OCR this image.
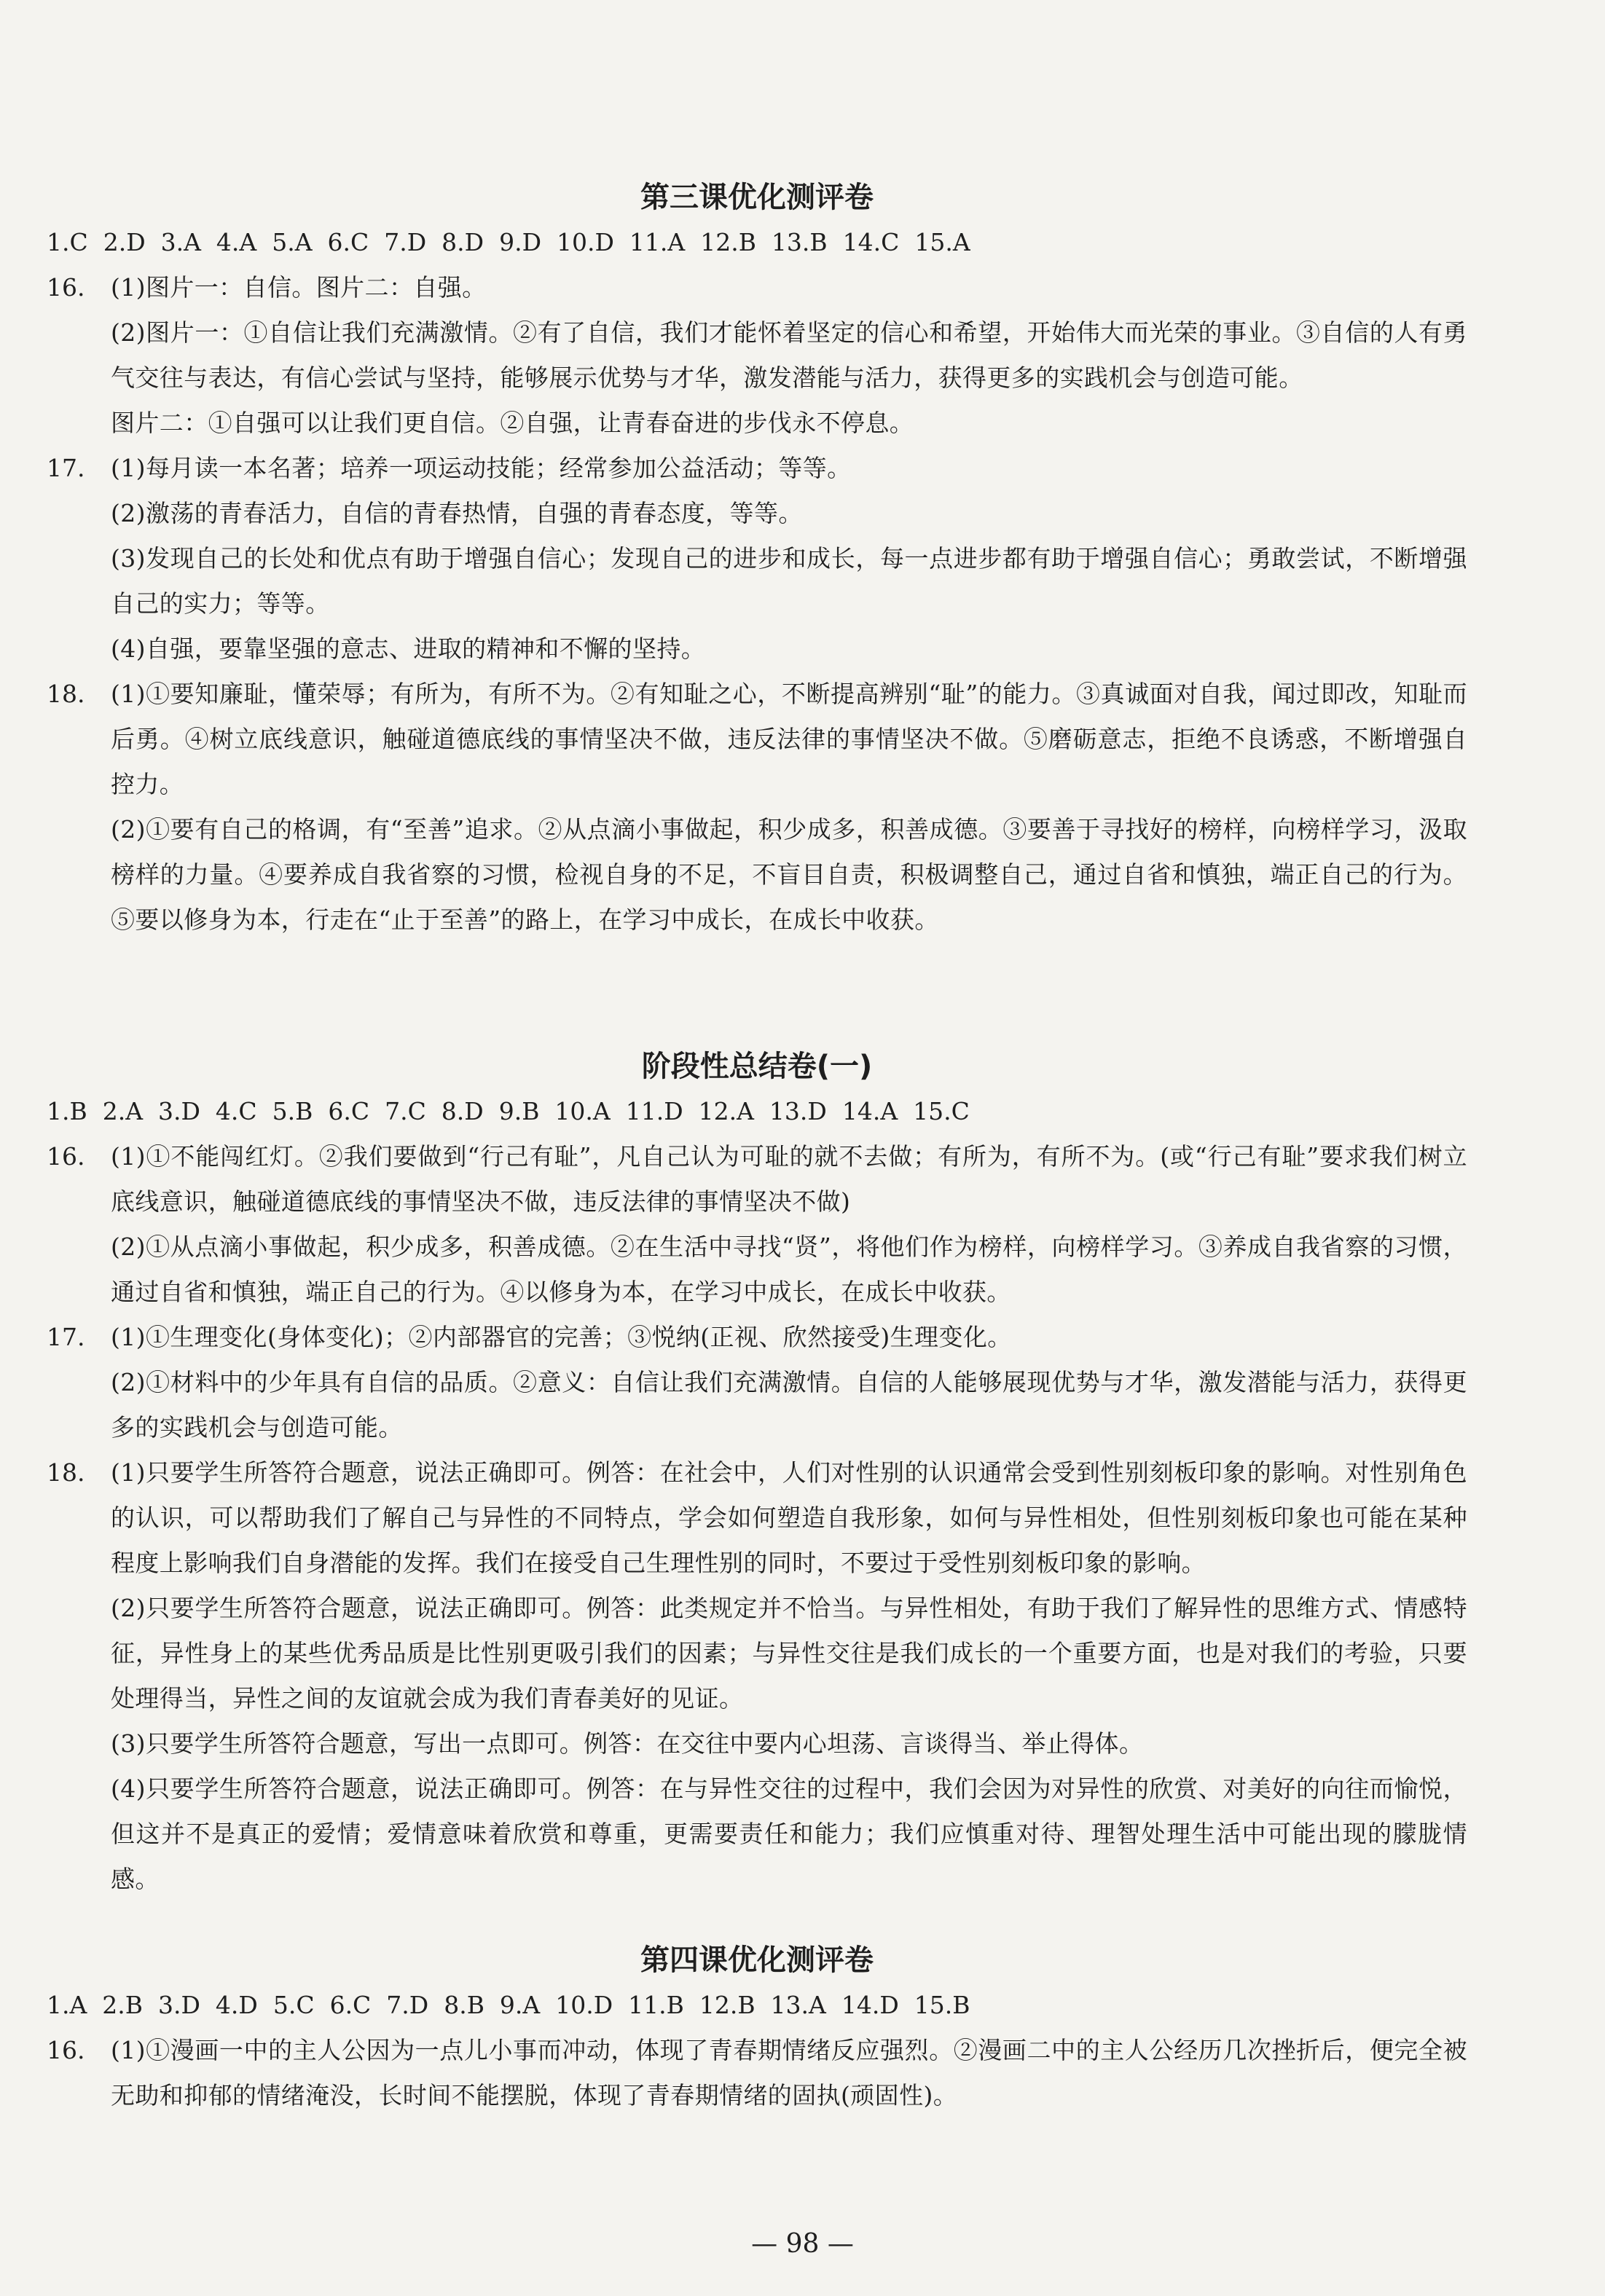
第三课优化测评卷
1.C  2.D  3.A  4.A  5.A  6.C  7.D  8.D  9.D  10.D  11.A  12.B  13.B  14.C  15.A
16.	(1)图片一：自信。图片二：自强。
(2)图片一：①自信让我们充满激情。②有了自信，我们才能怀着坚定的信心和希望，开始伟大而光荣的事业。③自信的人有勇气交往与表达，有信心尝试与坚持，能够展示优势与才华，激发潜能与活力，获得更多的实践机会与创造可能。
图片二：①自强可以让我们更自信。②自强，让青春奋进的步伐永不停息。
17.	(1)每月读一本名著；培养一项运动技能；经常参加公益活动；等等。
(2)激荡的青春活力，自信的青春热情，自强的青春态度，等等。
(3)发现自己的长处和优点有助于增强自信心；发现自己的进步和成长，每一点进步都有助于增强自信心；勇敢尝试，不断增强自己的实力；等等。
(4)自强，要靠坚强的意志、进取的精神和不懈的坚持。
18.	(1)①要知廉耻，懂荣辱；有所为，有所不为。②有知耻之心，不断提高辨别“耻”的能力。③真诚面对自我，闻过即改，知耻而后勇。④树立底线意识，触碰道德底线的事情坚决不做，违反法律的事情坚决不做。⑤磨砺意志，拒绝不良诱惑，不断增强自控力。
(2)①要有自己的格调，有“至善”追求。②从点滴小事做起，积少成多，积善成德。③要善于寻找好的榜样，向榜样学习，汲取榜样的力量。④要养成自我省察的习惯，检视自身的不足，不盲目自责，积极调整自己，通过自省和慎独，端正自己的行为。⑤要以修身为本，行走在“止于至善”的路上，在学习中成长，在成长中收获。
阶段性总结卷(一)
1.B  2.A  3.D  4.C  5.B  6.C  7.C  8.D  9.B  10.A  11.D  12.A  13.D  14.A  15.C
16.	(1)①不能闯红灯。②我们要做到“行己有耻”，凡自己认为可耻的就不去做；有所为，有所不为。(或“行己有耻”要求我们树立底线意识，触碰道德底线的事情坚决不做，违反法律的事情坚决不做)
(2)①从点滴小事做起，积少成多，积善成德。②在生活中寻找“贤”，将他们作为榜样，向榜样学习。③养成自我省察的习惯，通过自省和慎独，端正自己的行为。④以修身为本，在学习中成长，在成长中收获。
17.	(1)①生理变化(身体变化)；②内部器官的完善；③悦纳(正视、欣然接受)生理变化。
(2)①材料中的少年具有自信的品质。②意义：自信让我们充满激情。自信的人能够展现优势与才华，激发潜能与活力，获得更多的实践机会与创造可能。
18.	(1)只要学生所答符合题意，说法正确即可。例答：在社会中，人们对性别的认识通常会受到性别刻板印象的影响。对性别角色的认识，可以帮助我们了解自己与异性的不同特点，学会如何塑造自我形象，如何与异性相处，但性别刻板印象也可能在某种程度上影响我们自身潜能的发挥。我们在接受自己生理性别的同时，不要过于受性别刻板印象的影响。
(2)只要学生所答符合题意，说法正确即可。例答：此类规定并不恰当。与异性相处，有助于我们了解异性的思维方式、情感特征，异性身上的某些优秀品质是比性别更吸引我们的因素；与异性交往是我们成长的一个重要方面，也是对我们的考验，只要处理得当，异性之间的友谊就会成为我们青春美好的见证。
(3)只要学生所答符合题意，写出一点即可。例答：在交往中要内心坦荡、言谈得当、举止得体。
(4)只要学生所答符合题意，说法正确即可。例答：在与异性交往的过程中，我们会因为对异性的欣赏、对美好的向往而愉悦，但这并不是真正的爱情；爱情意味着欣赏和尊重，更需要责任和能力；我们应慎重对待、理智处理生活中可能出现的朦胧情感。
第四课优化测评卷
1.A  2.B  3.D  4.D  5.C  6.C  7.D  8.B  9.A  10.D  11.B  12.B  13.A  14.D  15.B
16.	(1)①漫画一中的主人公因为一点儿小事而冲动，体现了青春期情绪反应强烈。②漫画二中的主人公经历几次挫折后，便完全被无助和抑郁的情绪淹没，长时间不能摆脱，体现了青春期情绪的固执(顽固性)。
— 98 —
